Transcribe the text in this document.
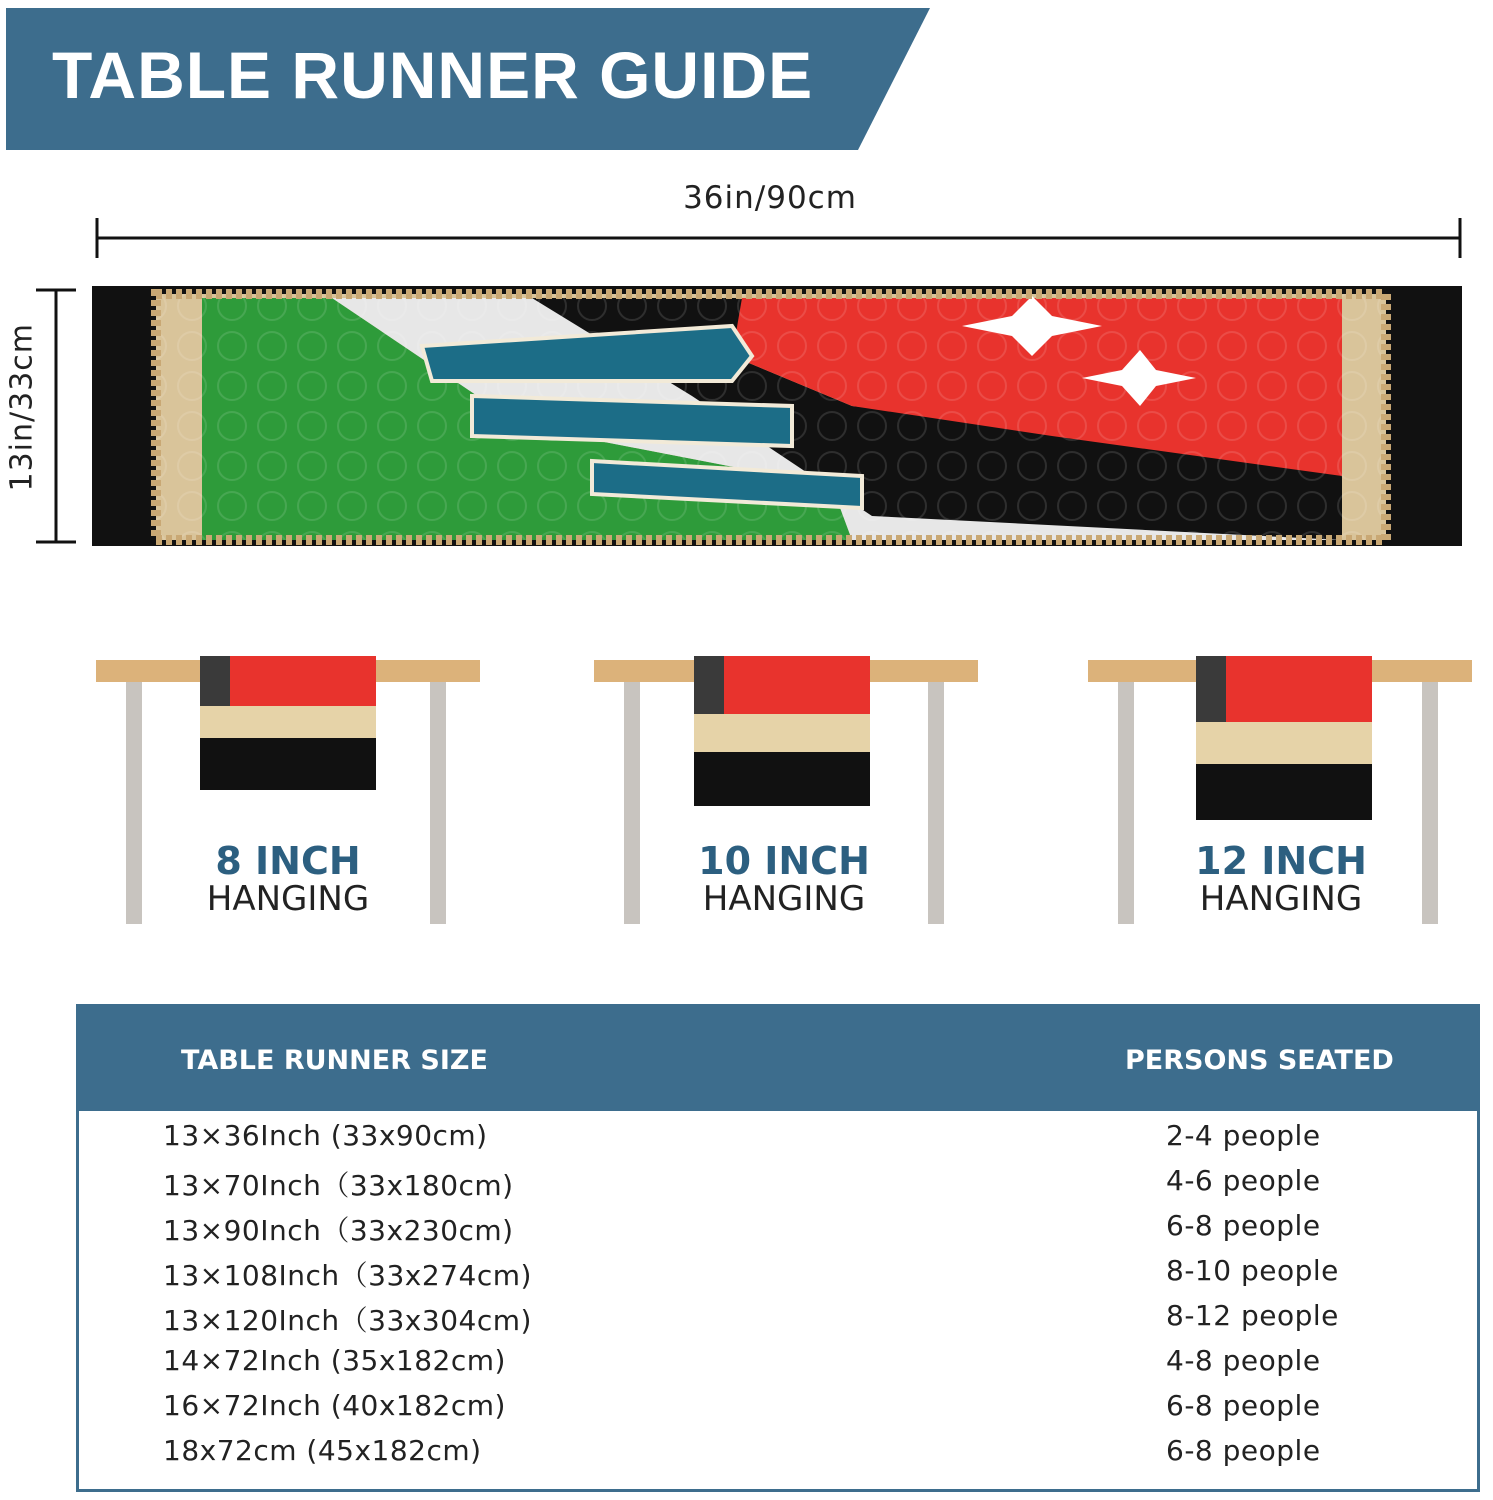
TABLE RUNNER GUIDE
36in/90cm
13in/33cm
8 INCH
HANGING
10 INCH
HANGING
12 INCH
HANGING
TABLE RUNNER SIZE	PERSONS SEATED
13×36Inch (33x90cm)	2-4 people
13×70Inch（33x180cm)	4-6 people
13×90Inch（33x230cm)	6-8 people
13×108Inch（33x274cm)	8-10 people
13×120Inch（33x304cm)	8-12 people
14×72Inch (35x182cm)	4-8 people
16×72Inch (40x182cm)	6-8 people
18x72cm (45x182cm)	6-8 people
